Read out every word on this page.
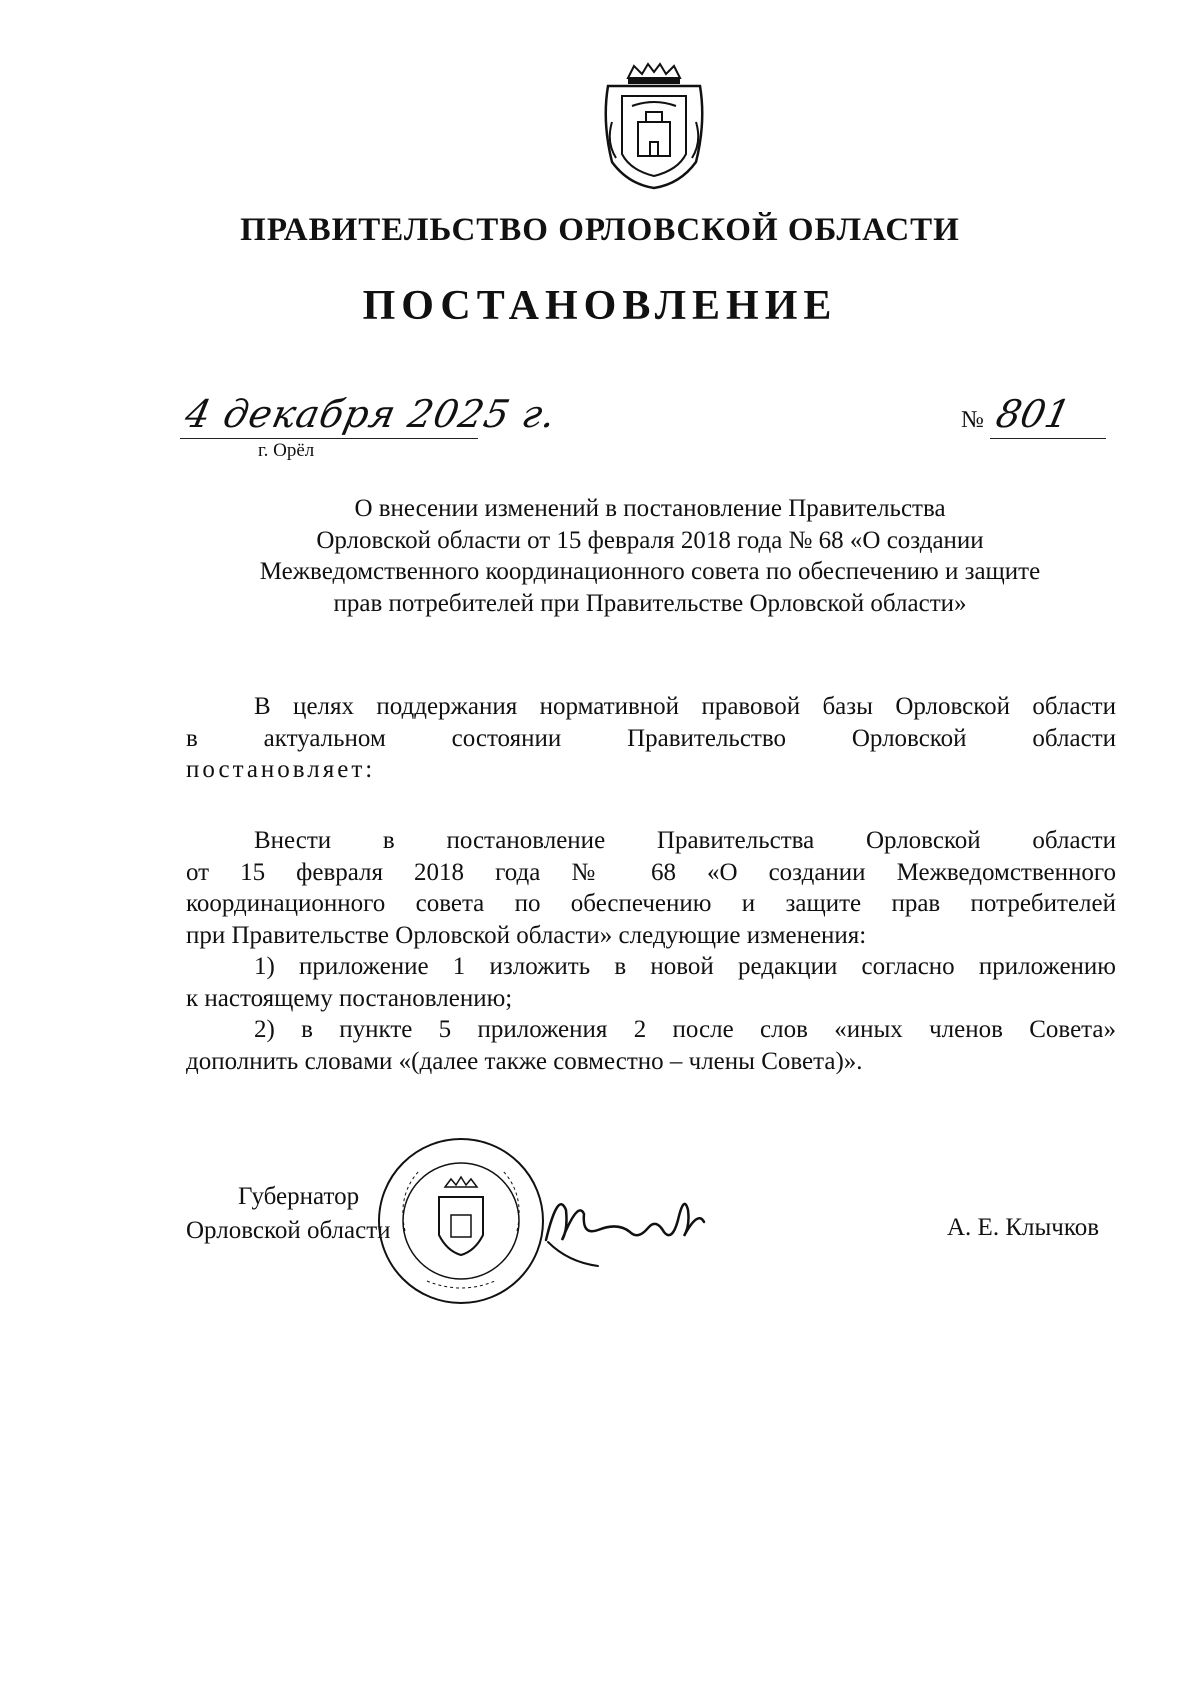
ПРАВИТЕЛЬСТВО ОРЛОВСКОЙ ОБЛАСТИ
ПОСТАНОВЛЕНИЕ
4 декабря 2025 г.
г. Орёл
№ 801
О внесении изменений в постановление Правительства
Орловской области от 15 февраля 2018 года № 68 «О создании
Межведомственного координационного совета по обеспечению и защите
прав потребителей при Правительстве Орловской области»
В целях поддержания нормативной правовой базы Орловской области
в актуальном состоянии Правительство Орловской области
постановляет:
Внести в постановление Правительства Орловской области
от 15 февраля 2018 года № 68 «О создании Межведомственного
координационного совета по обеспечению и защите прав потребителей
при Правительстве Орловской области» следующие изменения:
1) приложение 1 изложить в новой редакции согласно приложению
к настоящему постановлению;
2) в пункте 5 приложения 2 после слов «иных членов Совета»
дополнить словами «(далее также совместно – члены Совета)».
Губернатор
Орловской области	А. Е. Клычков
